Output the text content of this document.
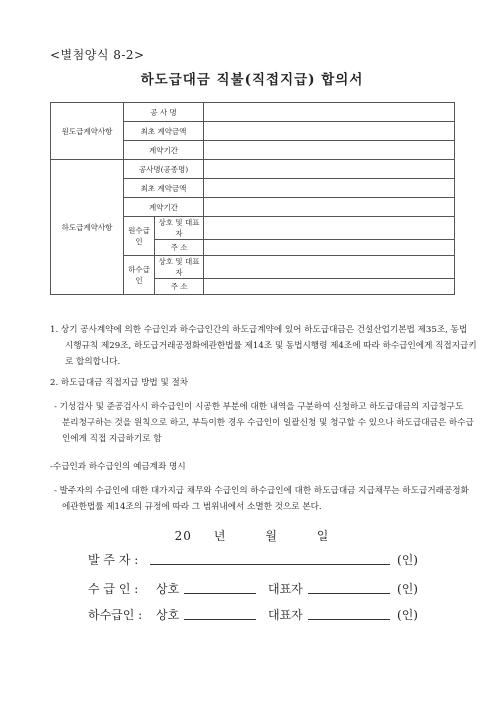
<별첨양식 8-2>
하도급대금 직불(직접지급) 합의서
원도급계약사항	공 사 명		
	최초 계약금액		
	계약기간		
하도급계약사항	공사명(공종명)		
	최초 계약금액		
	계약기간		
	원수급인	상호 및 대표자	
		주 소	
	하수급인	상호 및 대표자	
		주 소	
1. 상기 공사계약에 의한 수급인과 하수급인간의 하도급계약에 있어 하도급대금은 건설산업기본법 제35조, 동법 시행규칙 제29조, 하도급거래공정화에관한법률 제14조 및 동법시행령 제4조에 따라 하수급인에게 직접지급키로 합의합니다.
2. 하도급대금 직접지급 방법 및 절차
- 기성검사 및 준공검사시 하수급인이 시공한 부분에 대한 내역을 구분하여 신청하고 하도급대금의 지급청구도 분리청구하는 것을 원칙으로 하고, 부득이한 경우 수급인이 일괄신청 및 청구할 수 있으나 하도급대금은 하수급인에게 직접 지급하기로 함
-수급인과 하수급인의 예금계좌 명시
- 발주자의 수급인에 대한 대가지급 채무와 수급인의 하수급인에 대한 하도급대금 지급채무는 하도급거래공정화에관한법률 제14조의 규정에 따라 그 범위내에서 소멸한 것으로 본다.
20 년	월	일
발 주 자 :	(인)
수 급 인 : 상호	대표자	(인)
하수급인 : 상호	대표자	(인)
